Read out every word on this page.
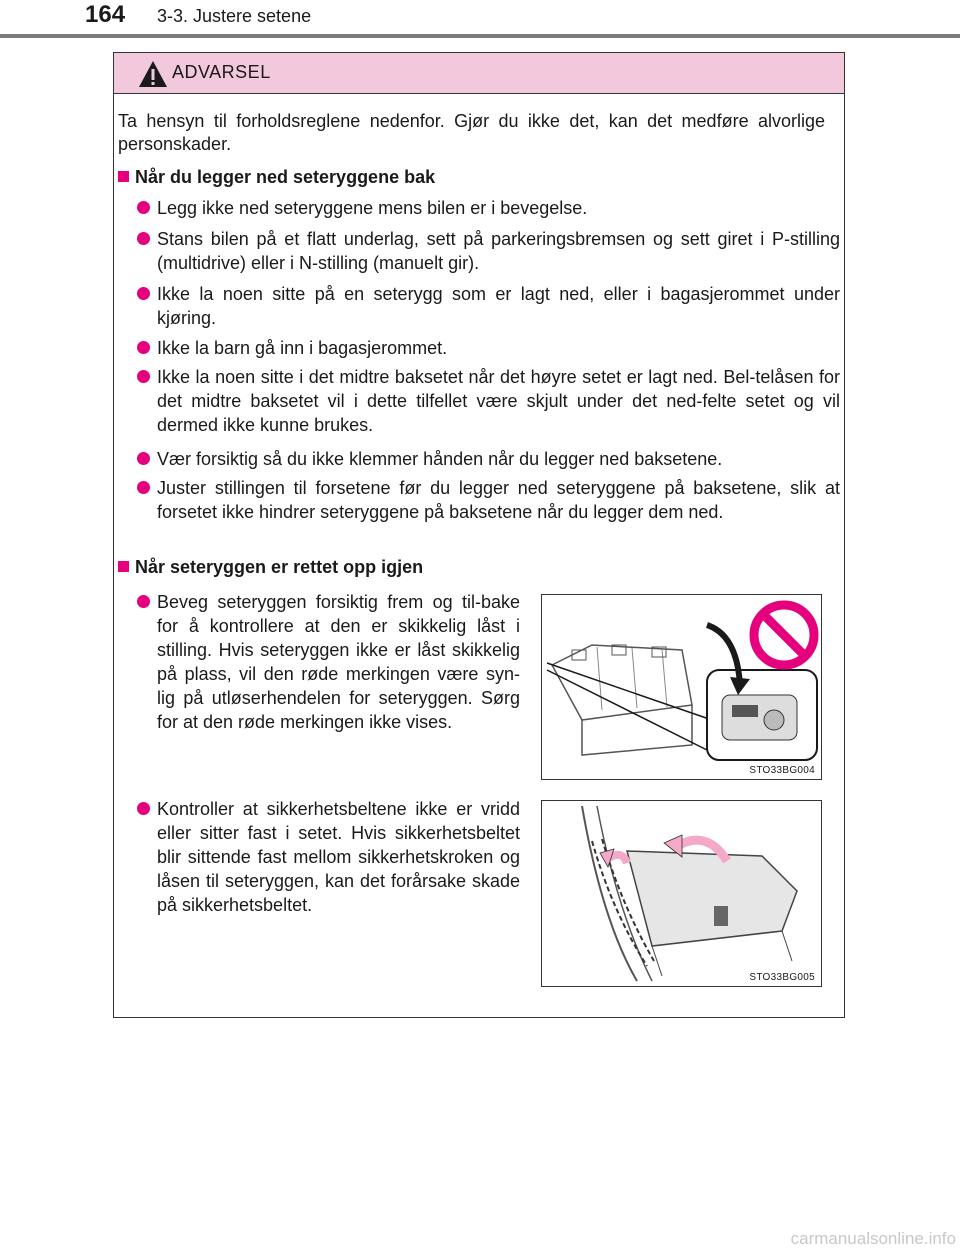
164 3-3. Justere setene
ADVARSEL
Ta hensyn til forholdsreglene nedenfor. Gjør du ikke det, kan det medføre alvorlige personskader.
Når du legger ned seteryggene bak
Legg ikke ned seteryggene mens bilen er i bevegelse.
Stans bilen på et flatt underlag, sett på parkeringsbremsen og sett giret i P-stilling (multidrive) eller i N-stilling (manuelt gir).
Ikke la noen sitte på en seterygg som er lagt ned, eller i bagasjerommet under kjøring.
Ikke la barn gå inn i bagasjerommet.
Ikke la noen sitte i det midtre baksetet når det høyre setet er lagt ned. Bel-telåsen for det midtre baksetet vil i dette tilfellet være skjult under det ned-felte setet og vil dermed ikke kunne brukes.
Vær forsiktig så du ikke klemmer hånden når du legger ned baksetene.
Juster stillingen til forsetene før du legger ned seteryggene på baksetene, slik at forsetet ikke hindrer seteryggene på baksetene når du legger dem ned.
Når seteryggen er rettet opp igjen
Beveg seteryggen forsiktig frem og til-bake for å kontrollere at den er skikkelig låst i stilling. Hvis seteryggen ikke er låst skikkelig på plass, vil den røde merkingen være syn-lig på utløserhendelen for seteryggen. Sørg for at den røde merkingen ikke vises.
Kontroller at sikkerhetsbeltene ikke er vridd eller sitter fast i setet. Hvis sikkerhetsbeltet blir sittende fast mellom sikkerhetskroken og låsen til seteryggen, kan det forårsake skade på sikkerhetsbeltet.
STO33BG004
STO33BG005
carmanualsonline.info
